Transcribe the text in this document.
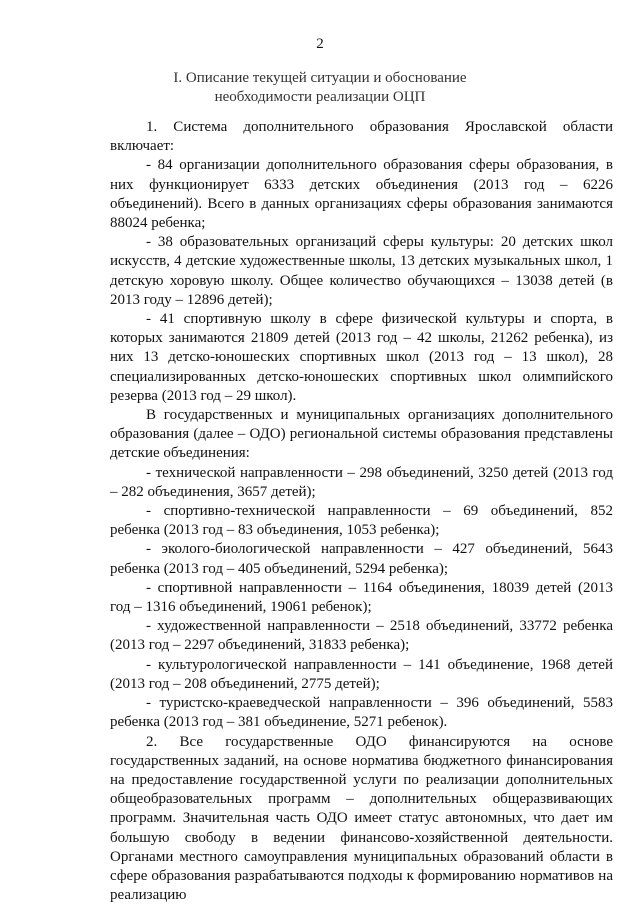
2
I. Описание текущей ситуации и обоснование
необходимости реализации ОЦП

1. Система дополнительного образования Ярославской области включает:

- 84 организации дополнительного образования сферы образования, в них функционирует 6333 детских объединения (2013 год – 6226 объединений). Всего в данных организациях сферы образования занимаются 88024 ребенка;

- 38 образовательных организаций сферы культуры: 20 детских школ искусств, 4 детские художественные школы, 13 детских музыкальных школ, 1 детскую хоровую школу. Общее количество обучающихся – 13038 детей (в 2013 году – 12896 детей);

- 41 спортивную школу в сфере физической культуры и спорта, в которых занимаются 21809 детей (2013 год – 42 школы, 21262 ребенка), из них 13 детско-юношеских спортивных школ (2013 год – 13 школ), 28 специализированных детско-юношеских спортивных школ олимпийского резерва (2013 год – 29 школ).

В государственных и муниципальных организациях дополнительного образования (далее – ОДО) региональной системы образования представлены детские объединения:

- технической направленности – 298 объединений, 3250 детей (2013 год – 282 объединения, 3657 детей);

- спортивно-технической направленности – 69 объединений, 852 ребенка (2013 год – 83 объединения, 1053 ребенка);

- эколого-биологической направленности – 427 объединений, 5643 ребенка (2013 год – 405 объединений, 5294 ребенка);

- спортивной направленности – 1164 объединения, 18039 детей (2013 год – 1316 объединений, 19061 ребенок);

- художественной направленности – 2518 объединений, 33772 ребенка (2013 год – 2297 объединений, 31833 ребенка);

- культурологической направленности – 141 объединение, 1968 детей (2013 год – 208 объединений, 2775 детей);

- туристско-краеведческой направленности – 396 объединений, 5583 ребенка (2013 год – 381 объединение, 5271 ребенок).

2. Все государственные ОДО финансируются на основе государственных заданий, на основе норматива бюджетного финансирования на предоставление государственной услуги по реализации дополнительных общеобразовательных программ – дополнительных общеразвивающих программ. Значительная часть ОДО имеет статус автономных, что дает им большую свободу в ведении финансово-хозяйственной деятельности. Органами местного самоуправления муниципальных образований области в сфере образования разрабатываются подходы к формированию нормативов на реализацию
